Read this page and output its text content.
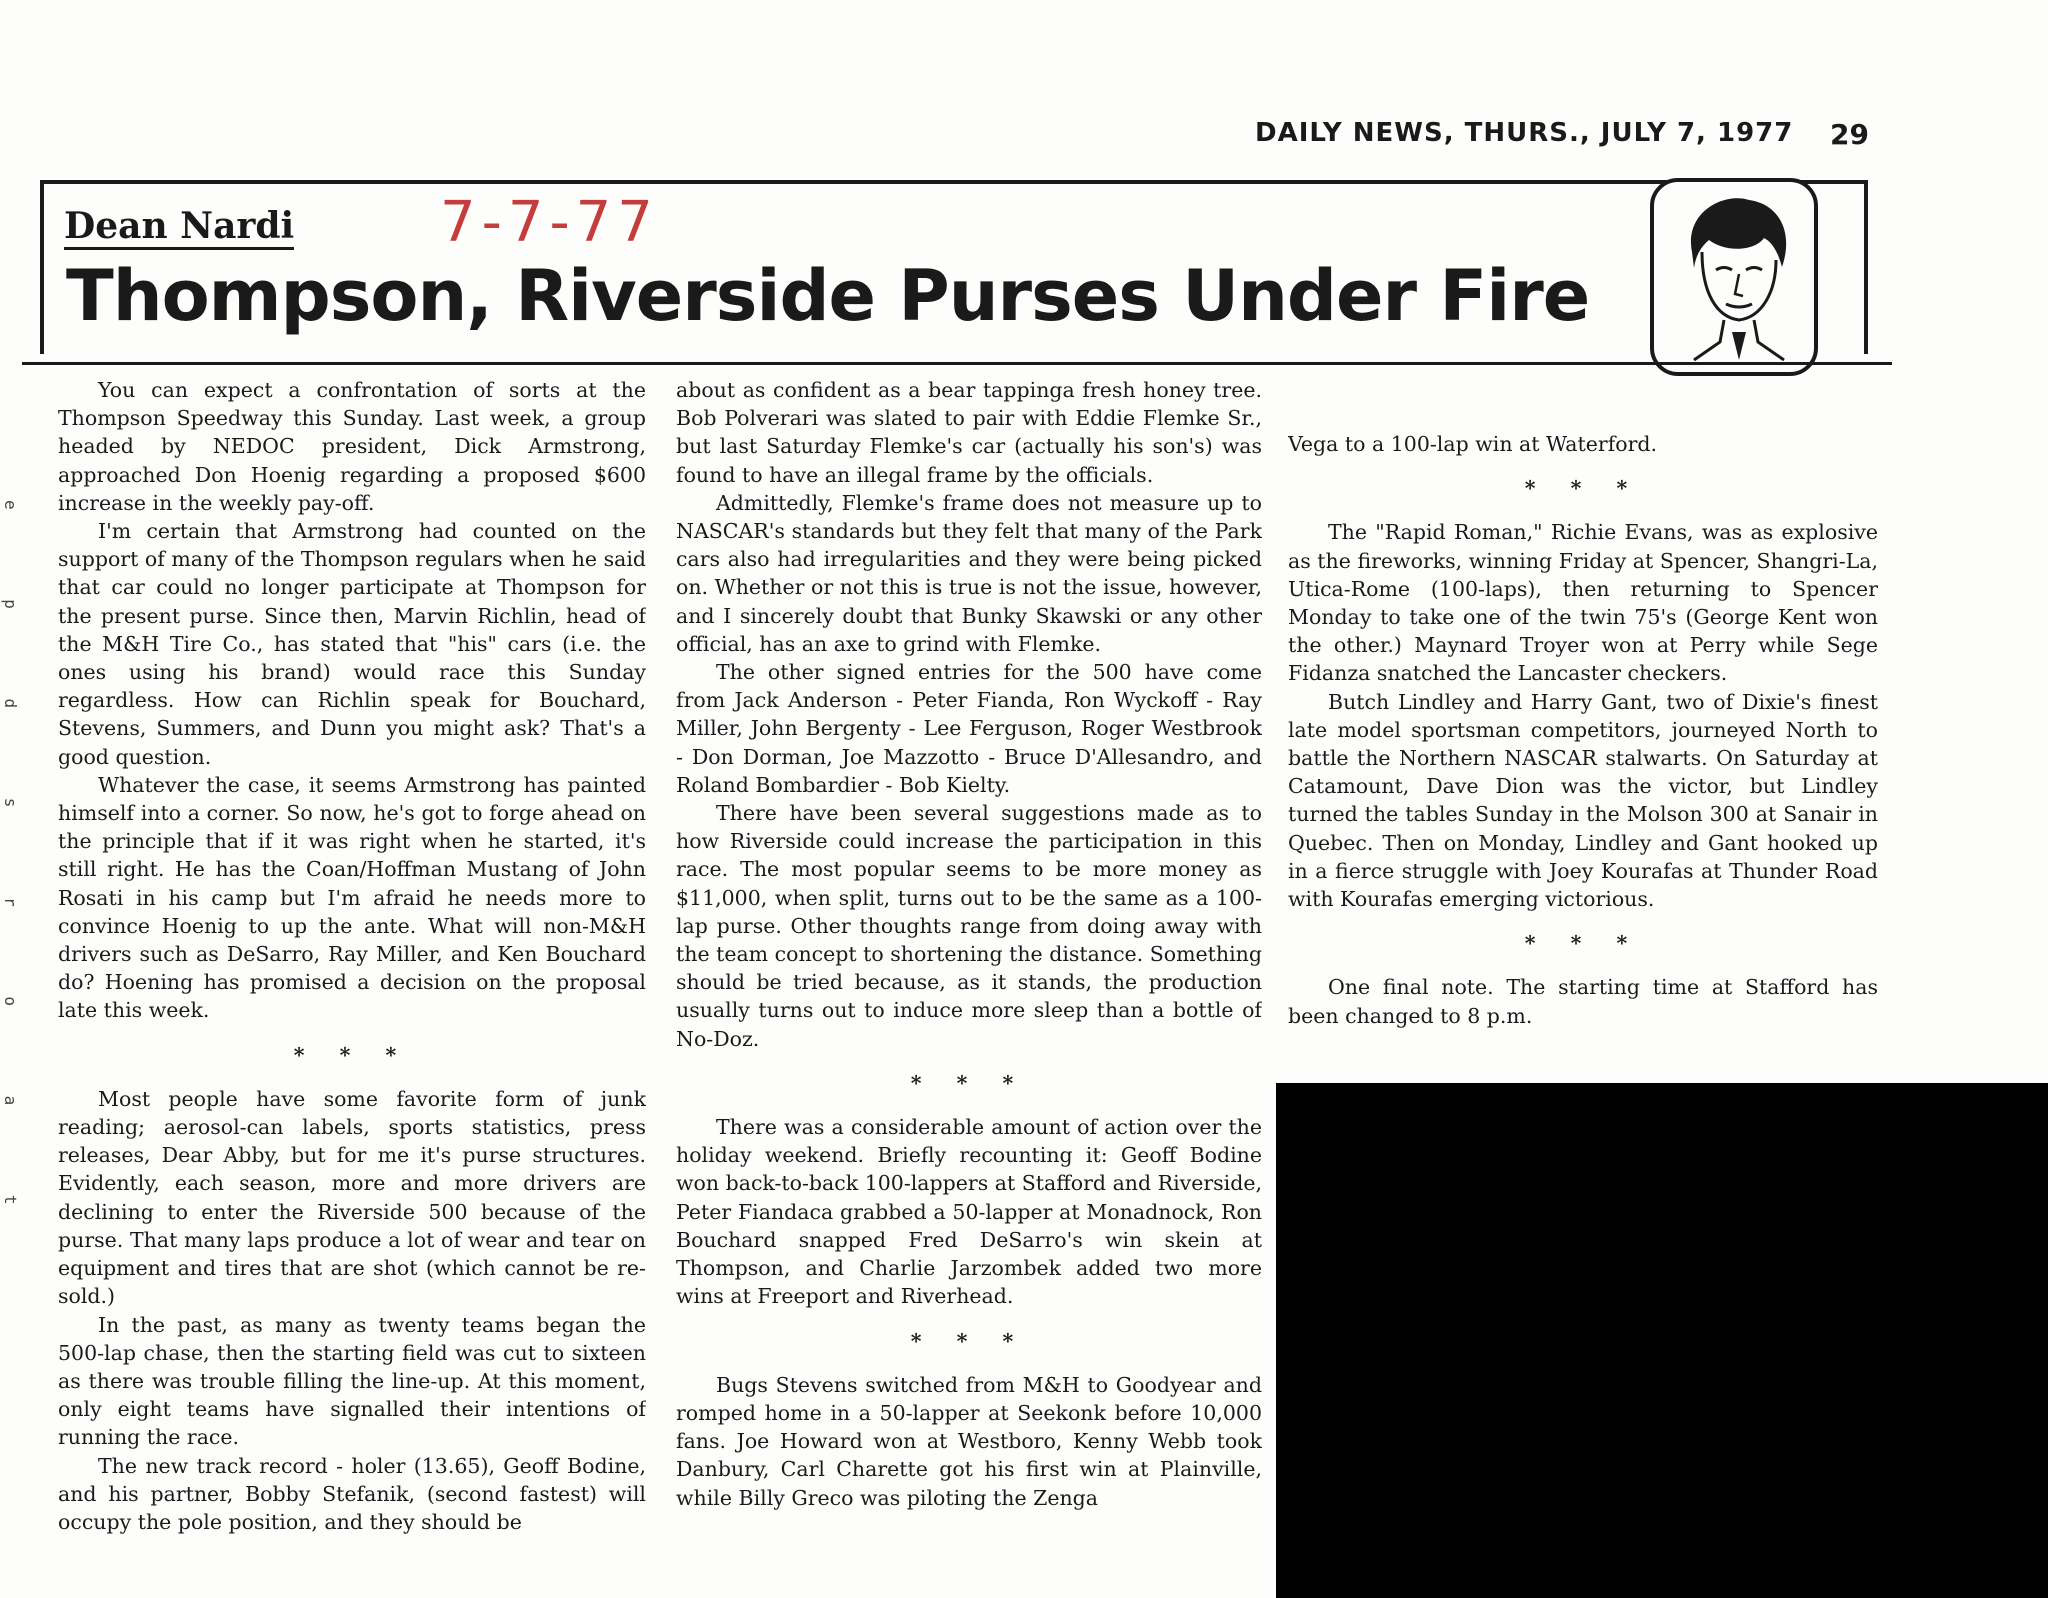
DAILY NEWS, THURS., JULY 7, 1977 29
Dean Nardi	7-7-77
Thompson, Riverside Purses Under Fire

You can expect a confrontation of sorts at the Thompson Speedway this Sunday. Last week, a group headed by NEDOC president, Dick Armstrong, approached Don Hoenig regarding a proposed $600 increase in the weekly pay-off.

I'm certain that Armstrong had counted on the support of many of the Thompson regulars when he said that car could no longer participate at Thompson for the present purse. Since then, Marvin Richlin, head of the M&H Tire Co., has stated that "his" cars (i.e. the ones using his brand) would race this Sunday regardless. How can Richlin speak for Bouchard, Stevens, Summers, and Dunn you might ask? That's a good question.

Whatever the case, it seems Armstrong has painted himself into a corner. So now, he's got to forge ahead on the principle that if it was right when he started, it's still right. He has the Coan/Hoffman Mustang of John Rosati in his camp but I'm afraid he needs more to convince Hoenig to up the ante. What will non-M&H drivers such as DeSarro, Ray Miller, and Ken Bouchard do? Hoening has promised a decision on the proposal late this week.

* * *

Most people have some favorite form of junk reading; aerosol-can labels, sports statistics, press releases, Dear Abby, but for me it's purse structures. Evidently, each season, more and more drivers are declining to enter the Riverside 500 because of the purse. That many laps produce a lot of wear and tear on equipment and tires that are shot (which cannot be re-sold.)

In the past, as many as twenty teams began the 500-lap chase, then the starting field was cut to sixteen as there was trouble filling the line-up. At this moment, only eight teams have signalled their intentions of running the race.

The new track record - holer (13.65), Geoff Bodine, and his partner, Bobby Stefanik, (second fastest) will occupy the pole position, and they should be

about as confident as a bear tappinga fresh honey tree. Bob Polverari was slated to pair with Eddie Flemke Sr., but last Saturday Flemke's car (actually his son's) was found to have an illegal frame by the officials.

Admittedly, Flemke's frame does not measure up to NASCAR's standards but they felt that many of the Park cars also had irregularities and they were being picked on. Whether or not this is true is not the issue, however, and I sincerely doubt that Bunky Skawski or any other official, has an axe to grind with Flemke.

The other signed entries for the 500 have come from Jack Anderson - Peter Fianda, Ron Wyckoff - Ray Miller, John Bergenty - Lee Ferguson, Roger Westbrook - Don Dorman, Joe Mazzotto - Bruce D'Allesandro, and Roland Bombardier - Bob Kielty.

There have been several suggestions made as to how Riverside could increase the participation in this race. The most popular seems to be more money as $11,000, when split, turns out to be the same as a 100-lap purse. Other thoughts range from doing away with the team concept to shortening the distance. Something should be tried because, as it stands, the production usually turns out to induce more sleep than a bottle of No-Doz.

* * *

There was a considerable amount of action over the holiday weekend. Briefly recounting it: Geoff Bodine won back-to-back 100-lappers at Stafford and Riverside, Peter Fiandaca grabbed a 50-lapper at Monadnock, Ron Bouchard snapped Fred DeSarro's win skein at Thompson, and Charlie Jarzombek added two more wins at Freeport and Riverhead.

* * *

Bugs Stevens switched from M&H to Goodyear and romped home in a 50-lapper at Seekonk before 10,000 fans. Joe Howard won at Westboro, Kenny Webb took Danbury, Carl Charette got his first win at Plainville, while Billy Greco was piloting the Zenga

Vega to a 100-lap win at Waterford.

* * *

The "Rapid Roman," Richie Evans, was as explosive as the fireworks, winning Friday at Spencer, Shangri-La, Utica-Rome (100-laps), then returning to Spencer Monday to take one of the twin 75's (George Kent won the other.) Maynard Troyer won at Perry while Sege Fidanza snatched the Lancaster checkers.

Butch Lindley and Harry Gant, two of Dixie's finest late model sportsman competitors, journeyed North to battle the Northern NASCAR stalwarts. On Saturday at Catamount, Dave Dion was the victor, but Lindley turned the tables Sunday in the Molson 300 at Sanair in Quebec. Then on Monday, Lindley and Gant hooked up in a fierce struggle with Joey Kourafas at Thunder Road with Kourafas emerging victorious.

* * *

One final note. The starting time at Stafford has been changed to 8 p.m.

e p d s r o a t
